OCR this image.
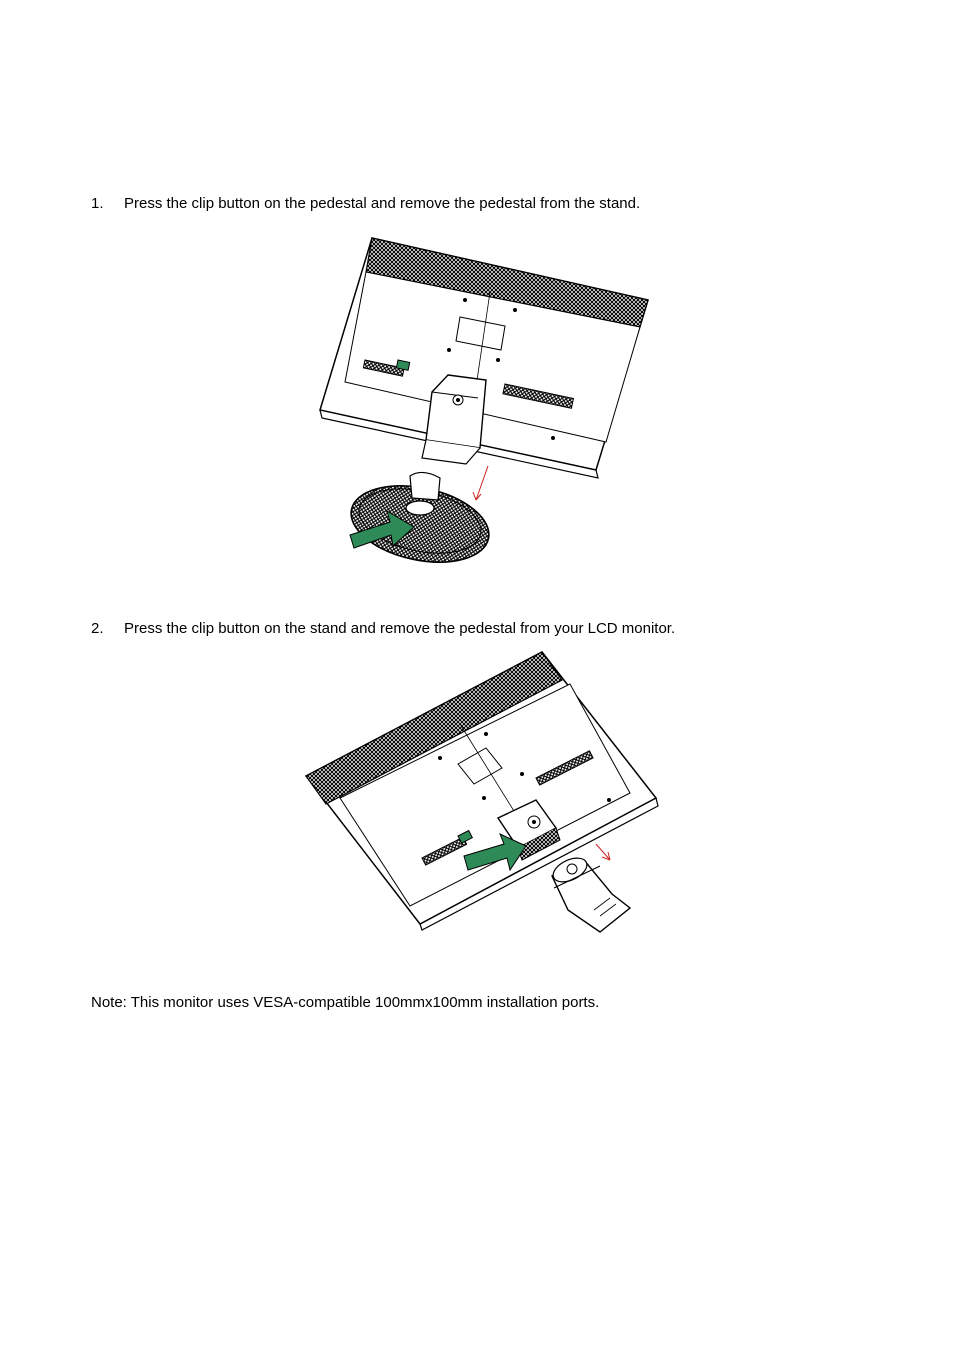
1. Press the clip button on the pedestal and remove the pedestal from the stand.
2. Press the clip button on the stand and remove the pedestal from your LCD monitor.
Note: This monitor uses VESA-compatible 100mmx100mm installation ports.
